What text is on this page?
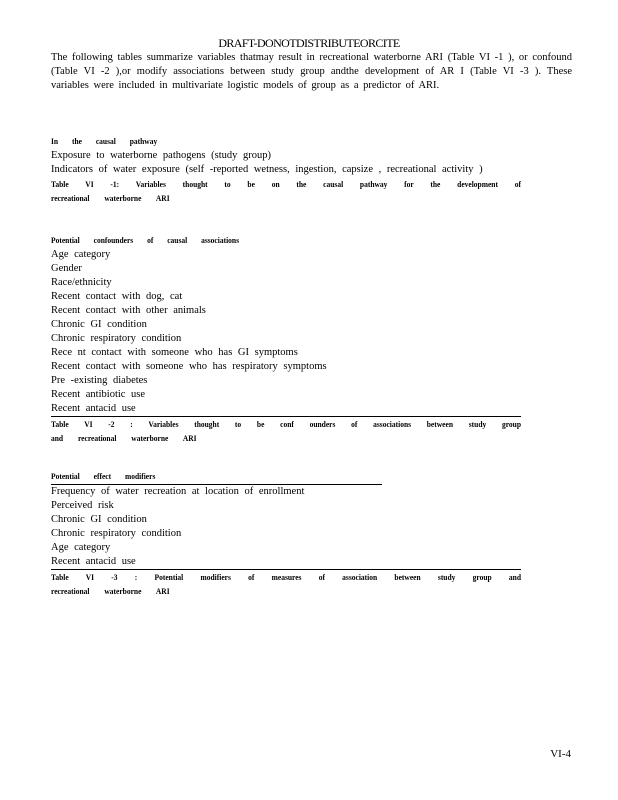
DRAFT-DONOTDISTRIBUTEORCITE
The following tables summarize variables thatmay result in recreational waterborne ARI (Table VI -1 ), or confound (Table VI -2 ),or modify associations between study group andthe development of AR I (Table VI -3 ). These variables were included in multivariate logistic models of group as a predictor of ARI.
In the causal pathway
Exposure to waterborne pathogens (study group)
Indicators of water exposure (self -reported wetness, ingestion, capsize , recreational activity )
Table VI -1: Variables thought to be on the causal pathway for the development of recreational waterborne ARI
Potential confounders of causal associations
Age category
Gender
Race/ethnicity
Recent contact with dog, cat
Recent contact with other animals
Chronic GI condition
Chronic respiratory condition
Rece nt contact with someone who has GI symptoms
Recent contact with someone who has respiratory symptoms
Pre -existing diabetes
Recent antibiotic use
Recent antacid use
Table VI -2 : Variables thought to be conf ounders of associations between study group and recreational waterborne ARI
Potential effect modifiers
Frequency of water recreation at location of enrollment
Perceived risk
Chronic GI condition
Chronic respiratory condition
Age category
Recent antacid use
Table VI -3 : Potential modifiers of measures of association between study group and recreational waterborne ARI
VI-4
